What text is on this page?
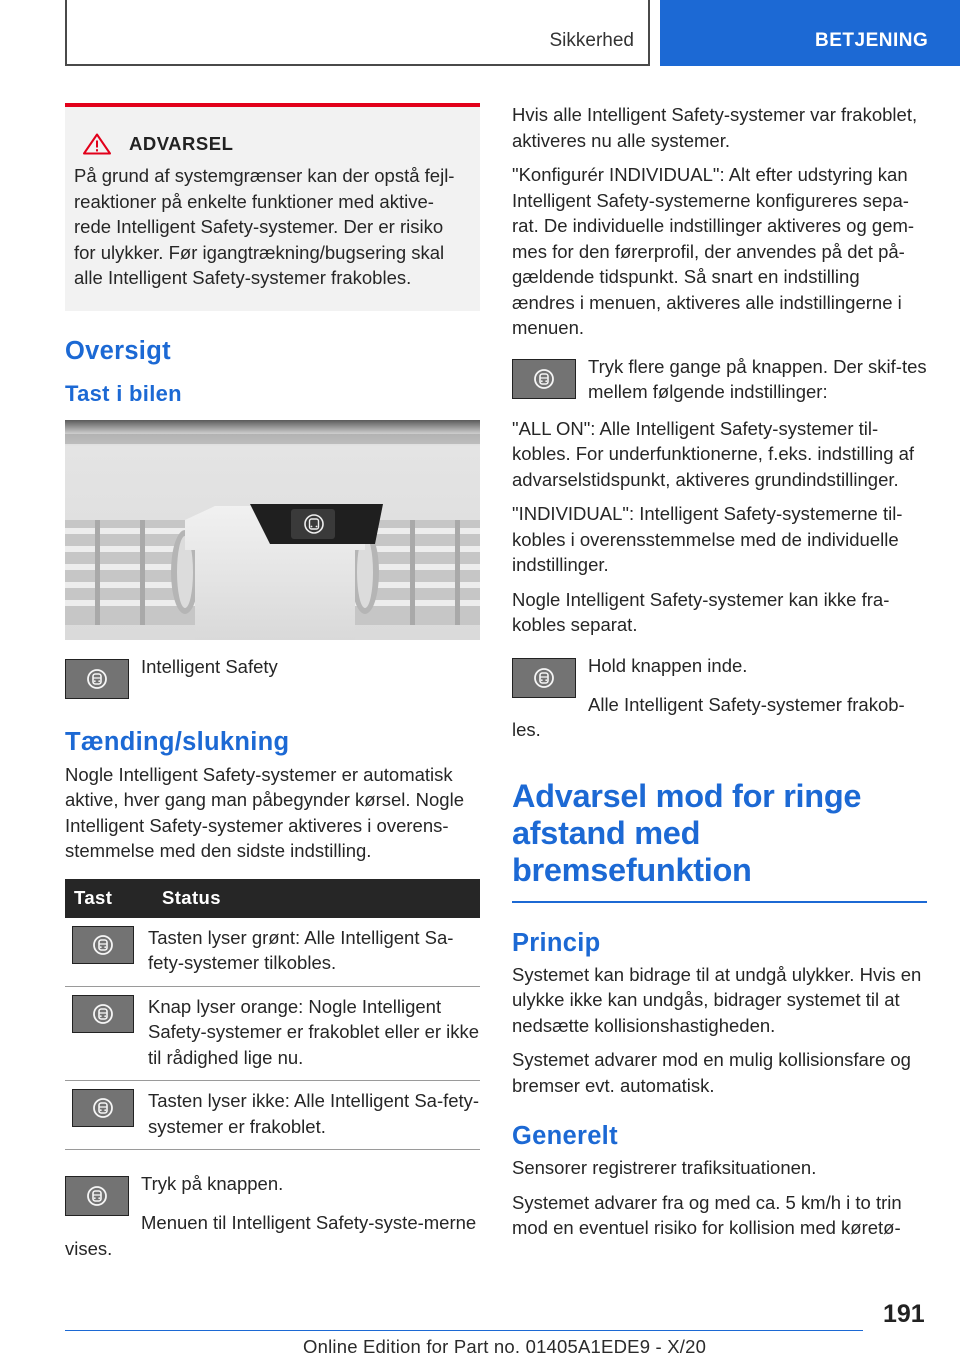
Sikkerhed	BETJENING
ADVARSEL
På grund af systemgrænser kan der opstå fejl-reaktioner på enkelte funktioner med aktive-rede Intelligent Safety-systemer. Der er risiko for ulykker. Før igangtrækning/bugsering skal alle Intelligent Safety-systemer frakobles.
Oversigt
Tast i bilen
Intelligent Safety
Tænding/slukning

Nogle Intelligent Safety-systemer er automatisk aktive, hver gang man påbegynder kørsel. Nogle Intelligent Safety-systemer aktiveres i overens-stemmelse med den sidste indstilling.

Tast	Status

	Tasten lyser grønt: Alle Intelligent Sa-fety-systemer tilkobles.

	Knap lyser orange: Nogle Intelligent Safety-systemer er frakoblet eller er ikke til rådighed lige nu.

	Tasten lyser ikke: Alle Intelligent Sa-fety-systemer er frakoblet.
Tryk på knappen.

Menuen til Intelligent Safety-syste-merne vises.

Hvis alle Intelligent Safety-systemer var frakoblet, aktiveres nu alle systemer.

"Konfigurér INDIVIDUAL": Alt efter udstyring kan Intelligent Safety-systemerne konfigureres sepa-rat. De individuelle indstillinger aktiveres og gem-mes for den førerprofil, der anvendes på det på-gældende tidspunkt. Så snart en indstilling ændres i menuen, aktiveres alle indstillingerne i menuen.

Tryk flere gange på knappen. Der skif-tes mellem følgende indstillinger:

"ALL ON": Alle Intelligent Safety-systemer til-kobles. For underfunktionerne, f.eks. indstilling af advarselstidspunkt, aktiveres grundindstillinger.

"INDIVIDUAL": Intelligent Safety-systemerne til-kobles i overensstemmelse med de individuelle indstillinger.

Nogle Intelligent Safety-systemer kan ikke fra-kobles separat.

Hold knappen inde.

Alle Intelligent Safety-systemer frakob-les.

Advarsel mod for ringe
afstand med
bremsefunktion
Princip

Systemet kan bidrage til at undgå ulykker. Hvis en ulykke ikke kan undgås, bidrager systemet til at nedsætte kollisionshastigheden.

Systemet advarer mod en mulig kollisionsfare og bremser evt. automatisk.

Generelt

Sensorer registrerer trafiksituationen.

Systemet advarer fra og med ca. 5 km/h i to trin mod en eventuel risiko for kollision med køretø-

191
Online Edition for Part no. 01405A1EDE9 - X/20
